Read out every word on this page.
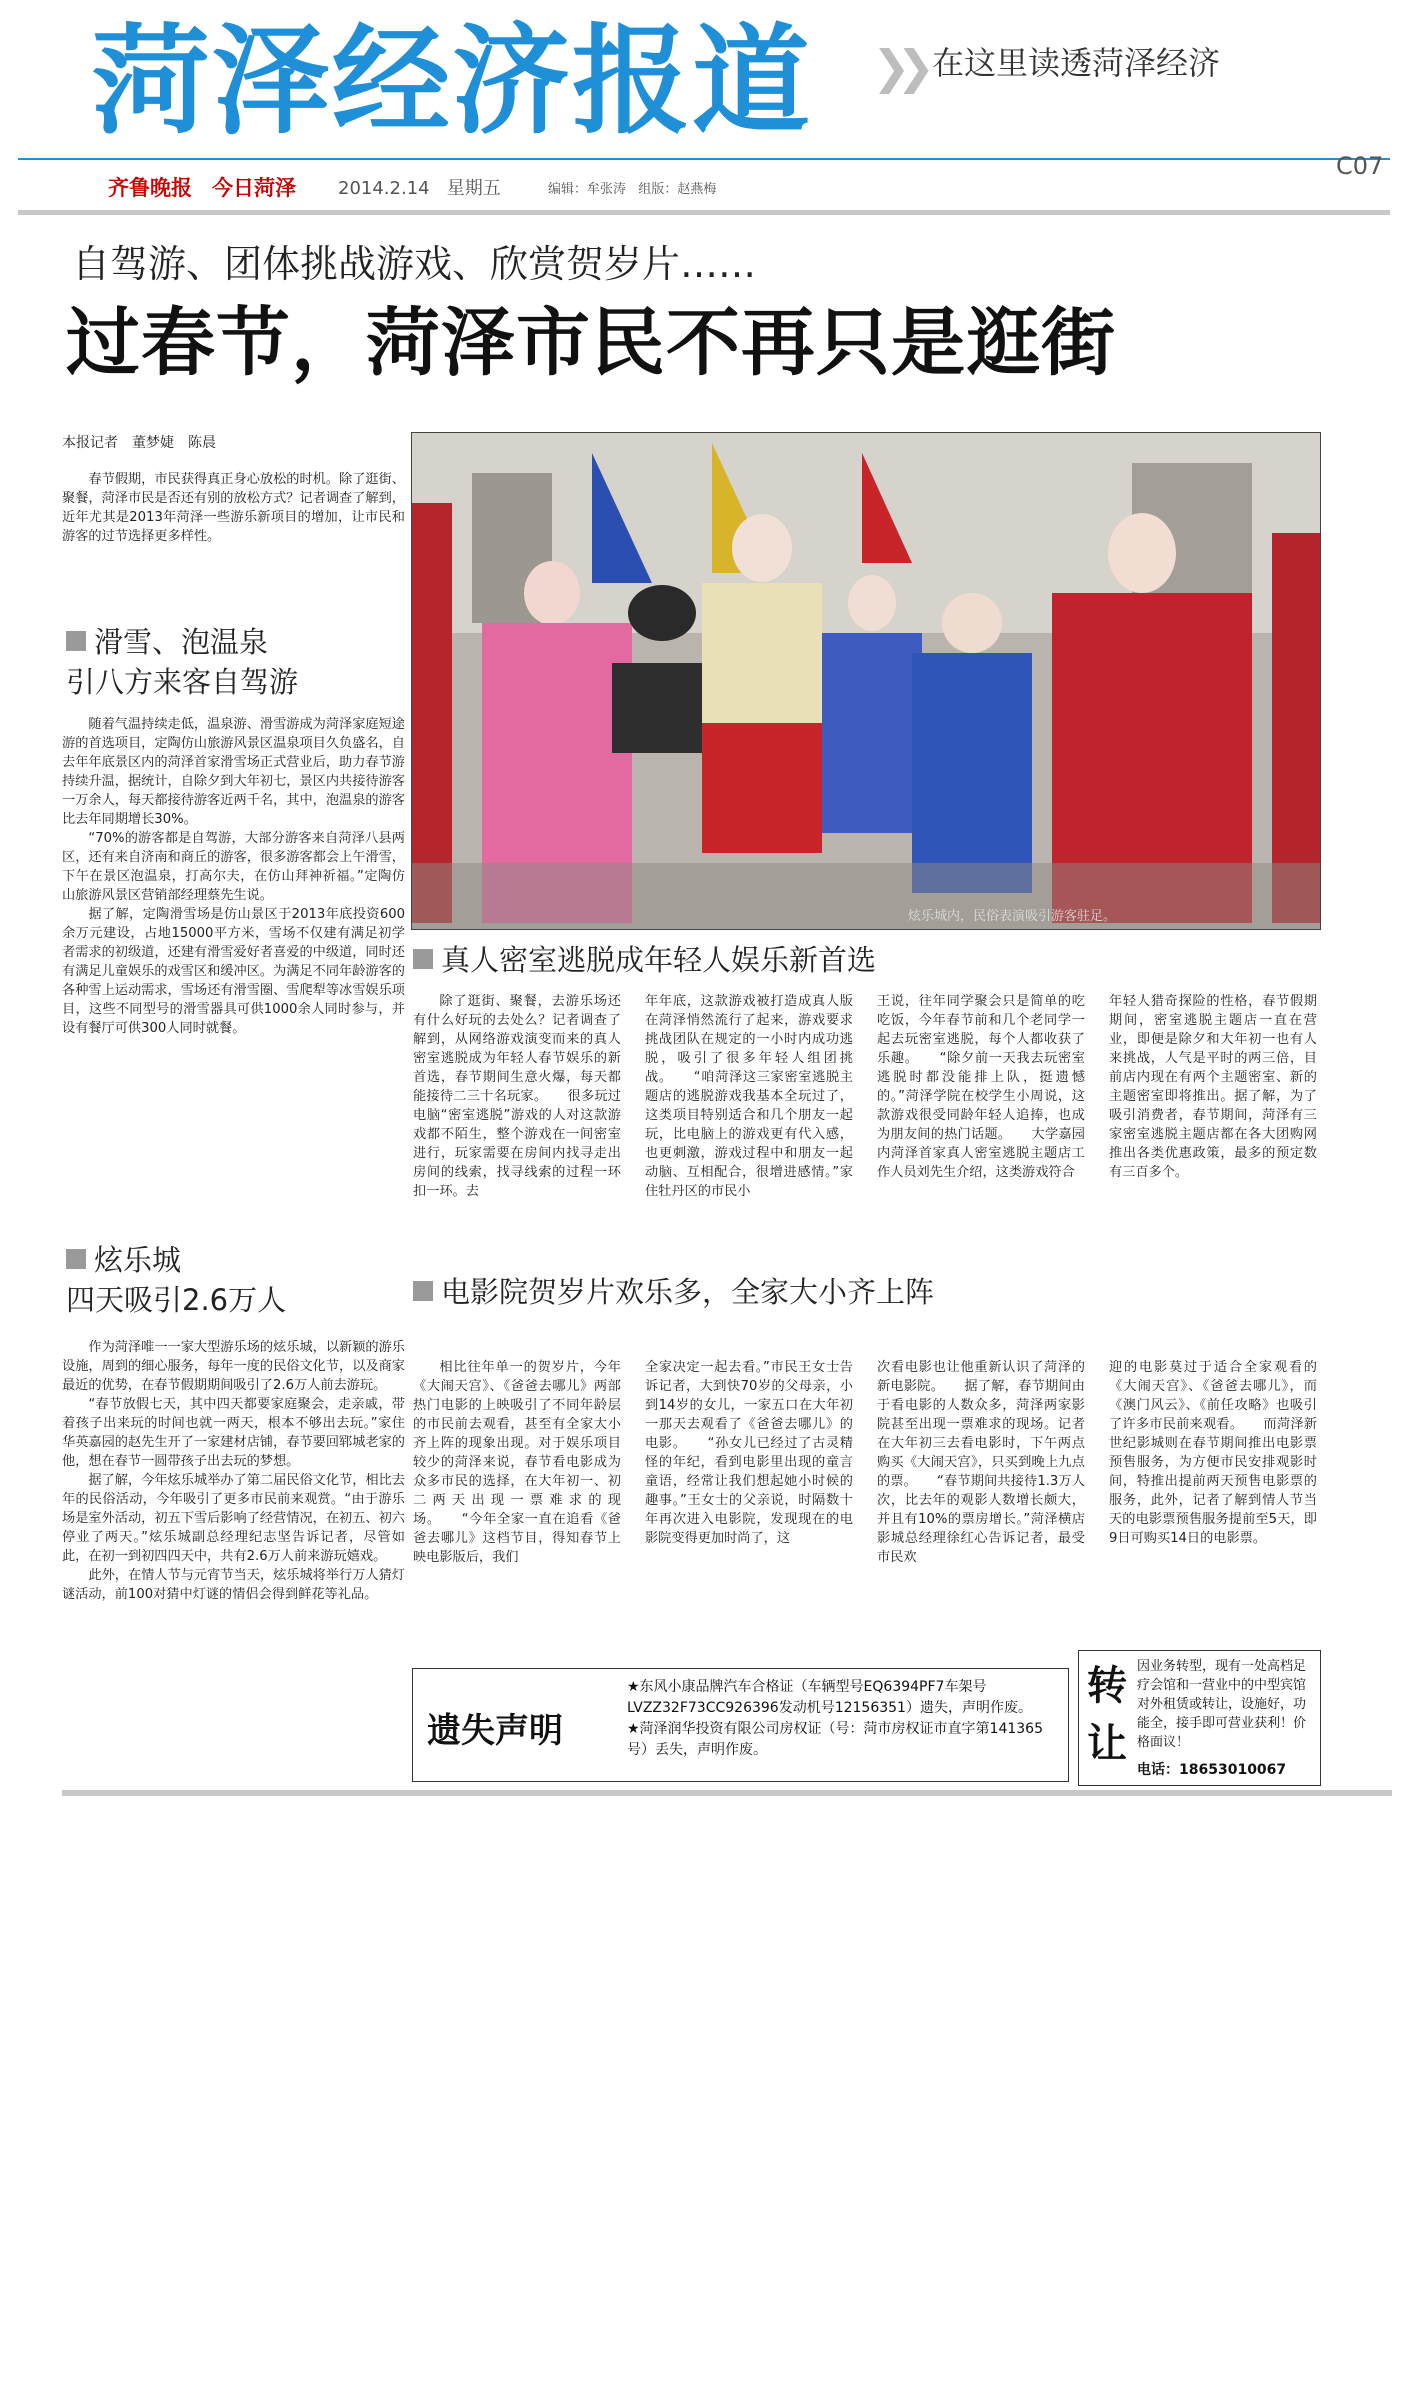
菏泽经济报道 ❯❯ 在这里读透菏泽经济
C07
齐鲁晚报 今日菏泽 2014.2.14 星期五	编辑：牟张涛 组版：赵燕梅
自驾游、团体挑战游戏、欣赏贺岁片……
过春节，菏泽市民不再只是逛街
本报记者　董梦婕　陈晨

春节假期，市民获得真正身心放松的时机。除了逛街、聚餐，菏泽市民是否还有别的放松方式？记者调查了解到，近年尤其是2013年菏泽一些游乐新项目的增加，让市民和游客的过节选择更多样性。

滑雪、泡温泉
引八方来客自驾游

随着气温持续走低，温泉游、滑雪游成为菏泽家庭短途游的首选项目，定陶仿山旅游风景区温泉项目久负盛名，自去年年底景区内的菏泽首家滑雪场正式营业后，助力春节游持续升温，据统计，自除夕到大年初七，景区内共接待游客一万余人，每天都接待游客近两千名，其中，泡温泉的游客比去年同期增长30%。

“70%的游客都是自驾游，大部分游客来自菏泽八县两区，还有来自济南和商丘的游客，很多游客都会上午滑雪，下午在景区泡温泉，打高尔夫，在仿山拜神祈福。”定陶仿山旅游风景区营销部经理蔡先生说。

据了解，定陶滑雪场是仿山景区于2013年底投资600余万元建设，占地15000平方米，雪场不仅建有满足初学者需求的初级道，还建有滑雪爱好者喜爱的中级道，同时还有满足儿童娱乐的戏雪区和缓冲区。为满足不同年龄游客的各种雪上运动需求，雪场还有滑雪圈、雪爬犁等冰雪娱乐项目，这些不同型号的滑雪器具可供1000余人同时参与，并设有餐厅可供300人同时就餐。

炫乐城
四天吸引2.6万人

作为菏泽唯一一家大型游乐场的炫乐城，以新颖的游乐设施，周到的细心服务，每年一度的民俗文化节，以及商家最近的优势，在春节假期期间吸引了2.6万人前去游玩。

“春节放假七天，其中四天都要家庭聚会，走亲戚，带着孩子出来玩的时间也就一两天，根本不够出去玩。”家住华英嘉园的赵先生开了一家建材店铺，春节要回郓城老家的他，想在春节一圆带孩子出去玩的梦想。

据了解，今年炫乐城举办了第二届民俗文化节，相比去年的民俗活动，今年吸引了更多市民前来观赏。“由于游乐场是室外活动，初五下雪后影响了经营情况，在初五、初六停业了两天。”炫乐城副总经理纪志坚告诉记者，尽管如此，在初一到初四四天中，共有2.6万人前来游玩嬉戏。

此外，在情人节与元宵节当天，炫乐城将举行万人猜灯谜活动，前100对猜中灯谜的情侣会得到鲜花等礼品。

炫乐城内，民俗表演吸引游客驻足。
真人密室逃脱成年轻人娱乐新首选

除了逛街、聚餐，去游乐场还有什么好玩的去处么？记者调查了解到，从网络游戏演变而来的真人密室逃脱成为年轻人春节娱乐的新首选，春节期间生意火爆，每天都能接待二三十名玩家。　　很多玩过电脑“密室逃脱”游戏的人对这款游戏都不陌生，整个游戏在一间密室进行，玩家需要在房间内找寻走出房间的线索，找寻线索的过程一环扣一环。去

年年底，这款游戏被打造成真人版在菏泽悄然流行了起来，游戏要求挑战团队在规定的一小时内成功逃脱，吸引了很多年轻人组团挑战。　　“咱菏泽这三家密室逃脱主题店的逃脱游戏我基本全玩过了，这类项目特别适合和几个朋友一起玩，比电脑上的游戏更有代入感，也更刺激，游戏过程中和朋友一起动脑、互相配合，很增进感情。”家住牡丹区的市民小

王说，往年同学聚会只是简单的吃吃饭，今年春节前和几个老同学一起去玩密室逃脱，每个人都收获了乐趣。　　“除夕前一天我去玩密室逃脱时都没能排上队，挺遗憾的。”菏泽学院在校学生小周说，这款游戏很受同龄年轻人追捧，也成为朋友间的热门话题。　　大学嘉园内菏泽首家真人密室逃脱主题店工作人员刘先生介绍，这类游戏符合

年轻人猎奇探险的性格，春节假期期间，密室逃脱主题店一直在营业，即便是除夕和大年初一也有人来挑战，人气是平时的两三倍，目前店内现在有两个主题密室、新的主题密室即将推出。据了解，为了吸引消费者，春节期间，菏泽有三家密室逃脱主题店都在各大团购网推出各类优惠政策，最多的预定数有三百多个。

电影院贺岁片欢乐多，全家大小齐上阵

相比往年单一的贺岁片，今年《大闹天宫》、《爸爸去哪儿》两部热门电影的上映吸引了不同年龄层的市民前去观看，甚至有全家大小齐上阵的现象出现。对于娱乐项目较少的菏泽来说，春节看电影成为众多市民的选择，在大年初一、初二两天出现一票难求的现场。　　“今年全家一直在追看《爸爸去哪儿》这档节目，得知春节上映电影版后，我们

全家决定一起去看。”市民王女士告诉记者，大到快70岁的父母亲，小到14岁的女儿，一家五口在大年初一那天去观看了《爸爸去哪儿》的电影。　　“孙女儿已经过了古灵精怪的年纪，看到电影里出现的童言童语，经常让我们想起她小时候的趣事。”王女士的父亲说，时隔数十年再次进入电影院，发现现在的电影院变得更加时尚了，这

次看电影也让他重新认识了菏泽的新电影院。　　据了解，春节期间由于看电影的人数众多，菏泽两家影院甚至出现一票难求的现场。记者在大年初三去看电影时，下午两点购买《大闹天宫》，只买到晚上九点的票。　　“春节期间共接待1.3万人次，比去年的观影人数增长颇大，并且有10%的票房增长。”菏泽横店影城总经理徐红心告诉记者，最受市民欢

迎的电影莫过于适合全家观看的《大闹天宫》、《爸爸去哪儿》，而《澳门风云》、《前任攻略》也吸引了许多市民前来观看。　　而菏泽新世纪影城则在春节期间推出电影票预售服务，为方便市民安排观影时间，特推出提前两天预售电影票的服务，此外，记者了解到情人节当天的电影票预售服务提前至5天，即9日可购买14日的电影票。

遗失声明
★东风小康品牌汽车合格证（车辆型号EQ6394PF7车架号LVZZ32F73CC926396发动机号12156351）遗失，声明作废。
★菏泽润华投资有限公司房权证（号：菏市房权证市直字第141365号）丢失，声明作废。
转让
因业务转型，现有一处高档足疗会馆和一营业中的中型宾馆对外租赁或转让，设施好，功能全，接手即可营业获利！价格面议！
电话：18653010067
